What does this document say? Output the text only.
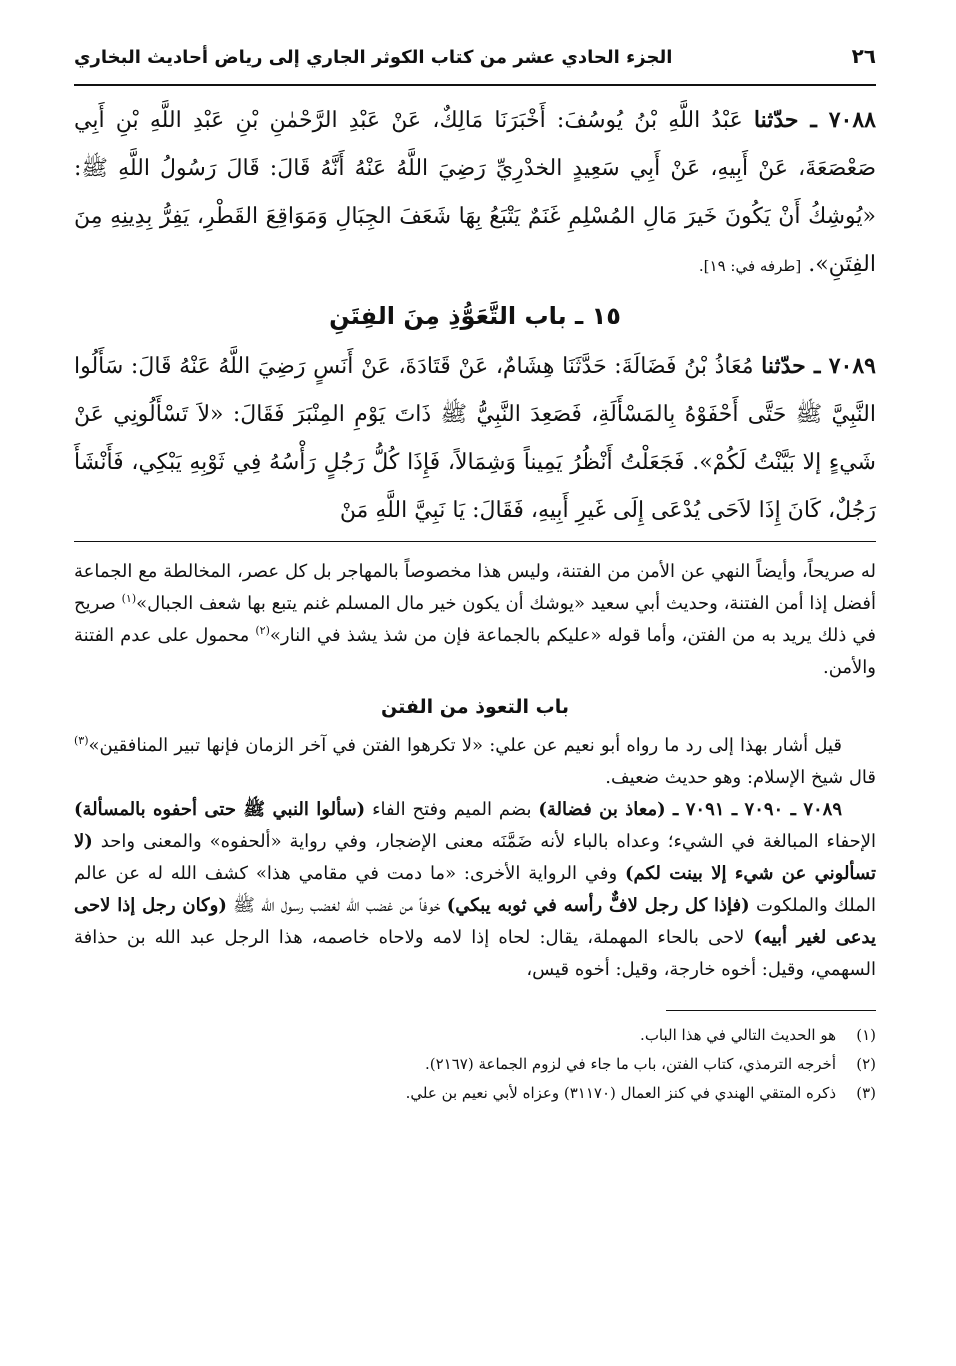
٢٦
الجزء الحادي عشر من كتاب الكوثر الجاري إلى رياض أحاديث البخاري

٧٠٨٨ ـ حدّثنا عَبْدُ اللَّهِ بْنُ يُوسُفَ: أَخْبَرَنَا مَالِكٌ، عَنْ عَبْدِ الرَّحْمٰنِ بْنِ عَبْدِ اللَّهِ بْنِ أَبِي صَعْصَعَةَ، عَنْ أَبِيهِ، عَنْ أَبِي سَعِيدٍ الخدْرِيِّ رَضِيَ اللَّهُ عَنْهُ أَنَّهُ قَالَ: قَالَ رَسُولُ اللَّهِ ﷺ: «يُوشِكُ أَنْ يَكُونَ خَيرَ مَالِ المُسْلِمِ غَنَمٌ يَتْبَعُ بِهَا شَعَفَ الجِبَالِ وَمَوَاقِعَ القَطْرِ، يَفِرُّ بِدِينِهِ مِنَ الفِتَنِ». [طرفه في: ١٩].

١٥ ـ باب التَّعَوُّذِ مِنَ الفِتَنِ

٧٠٨٩ ـ حدّثنا مُعَاذُ بْنُ فَضَالَةَ: حَدَّثَنَا هِشَامٌ، عَنْ قَتَادَةَ، عَنْ أَنَسٍ رَضِيَ اللَّهُ عَنْهُ قَالَ: سَأَلُوا النَّبِيَّ ﷺ حَتَّى أَحْفَوْهُ بِالمَسْأَلَةِ، فَصَعِدَ النَّبِيُّ ﷺ ذَاتَ يَوْمِ المِنْبَرَ فَقَالَ: «لاَ تَسْأَلُونِي عَنْ شَيءٍ إلا بَيَّنْتُ لَكُمْ». فَجَعَلْتُ أَنْظُرُ يَمِيناً وَشِمَالاً، فَإِذَا كُلُّ رَجُلٍ رَأْسُهُ فِي ثَوْبِهِ يَبْكِي، فَأَنْشَأَ رَجُلٌ، كَانَ إِذَا لاَحَى يُدْعَى إِلَى غَيرِ أَبِيهِ، فَقَالَ: يَا نَبِيَّ اللَّهِ مَنْ

له صريحاً، وأيضاً النهي عن الأمن من الفتنة، وليس هذا مخصوصاً بالمهاجر بل كل عصر، المخالطة مع الجماعة أفضل إذا أمن الفتنة، وحديث أبي سعيد «يوشك أن يكون خير مال المسلم غنم يتبع بها شعف الجبال»$^{(١)}$ صريح في ذلك يريد به من الفتن، وأما قوله «عليكم بالجماعة فإن من شذ يشذ في النار»$^{(٢)}$ محمول على عدم الفتنة والأمن.

باب التعوذ من الفتن

قيل أشار بهذا إلى رد ما رواه أبو نعيم عن علي: «لا تكرهوا الفتن في آخر الزمان فإنها تبير المنافقين»$^{(٣)}$ قال شيخ الإسلام: وهو حديث ضعيف.

٧٠٨٩ ـ ٧٠٩٠ ـ ٧٠٩١ ـ (معاذ بن فضالة) بضم الميم وفتح الفاء (سألوا النبي ﷺ حتى أحفوه بالمسألة) الإحفاء المبالغة في الشيء؛ وعداه بالباء لأنه ضَمَّنَه معنى الإضجار، وفي رواية «ألحفوه» والمعنى واحد (لا تسألوني عن شيء إلا بينت لكم) وفي الرواية الأخرى: «ما دمت في مقامي هذا» كشف الله له عن عالم الملك والملكوت (فإذا كل رجل لافٌّ رأسه في ثوبه يبكي) خوفاً من غضب الله لغضب رسول الله ﷺ (وكان رجل إذا لاحى يدعى لغير أبيه) لاحى بالحاء المهملة، يقال: لحاه إذا لامه ولاحاه خاصمه، هذا الرجل عبد الله بن حذافة السهمي، وقيل: أخوه خارجة، وقيل: أخوه قيس،

(١)
هو الحديث التالي في هذا الباب.
(٢)
أخرجه الترمذي، كتاب الفتن، باب ما جاء في لزوم الجماعة (٢١٦٧).
(٣)
ذكره المتقي الهندي في كنز العمال (٣١١٧٠) وعزاه لأبي نعيم بن علي.
